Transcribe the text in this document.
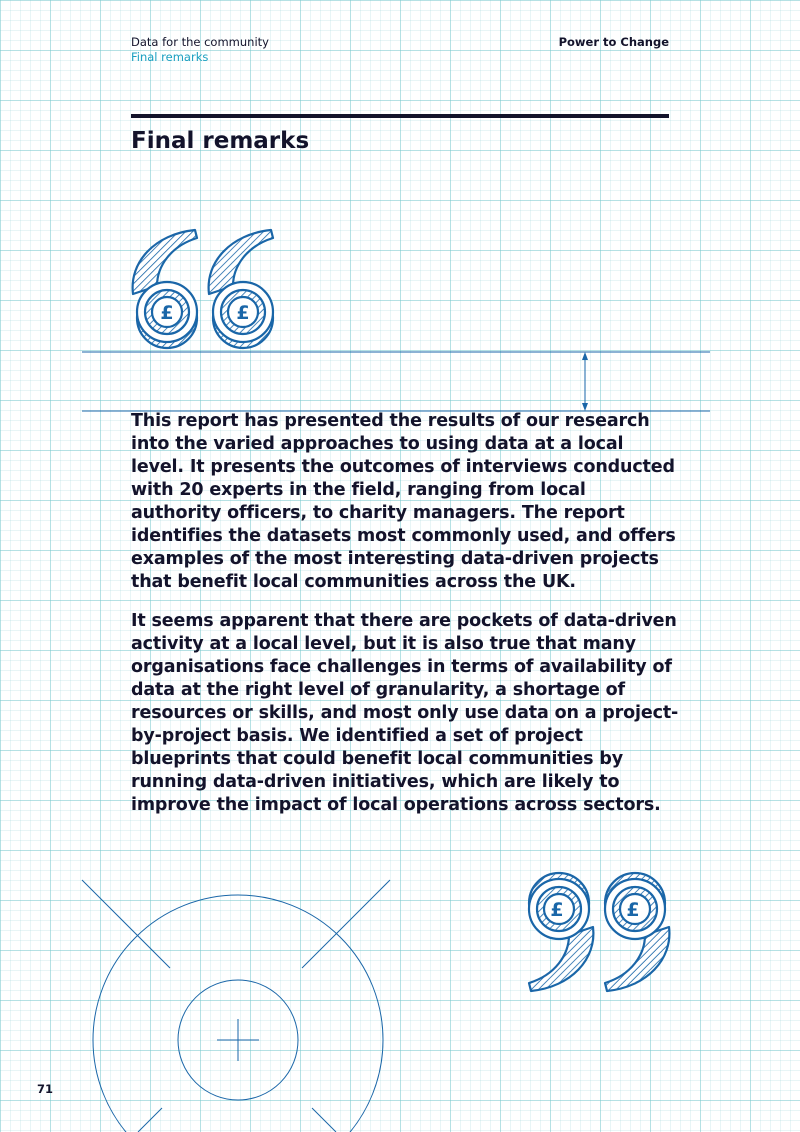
Data for the community
Final remarks
Power to Change
Final remarks
£	£

This report has presented the results of our research into the varied approaches to using data at a local level. It presents the outcomes of interviews conducted with 20 experts in the field, ranging from local authority officers, to charity managers. The report identifies the datasets most commonly used, and offers examples of the most interesting data-driven projects that benefit local communities across the UK.

It seems apparent that there are pockets of data-driven activity at a local level, but it is also true that many organisations face challenges in terms of availability of data at the right level of granularity, a shortage of resources or skills, and most only use data on a project-by-project basis. We identified a set of project blueprints that could benefit local communities by running data-driven initiatives, which are likely to improve the impact of local operations across sectors.

£	£
71
